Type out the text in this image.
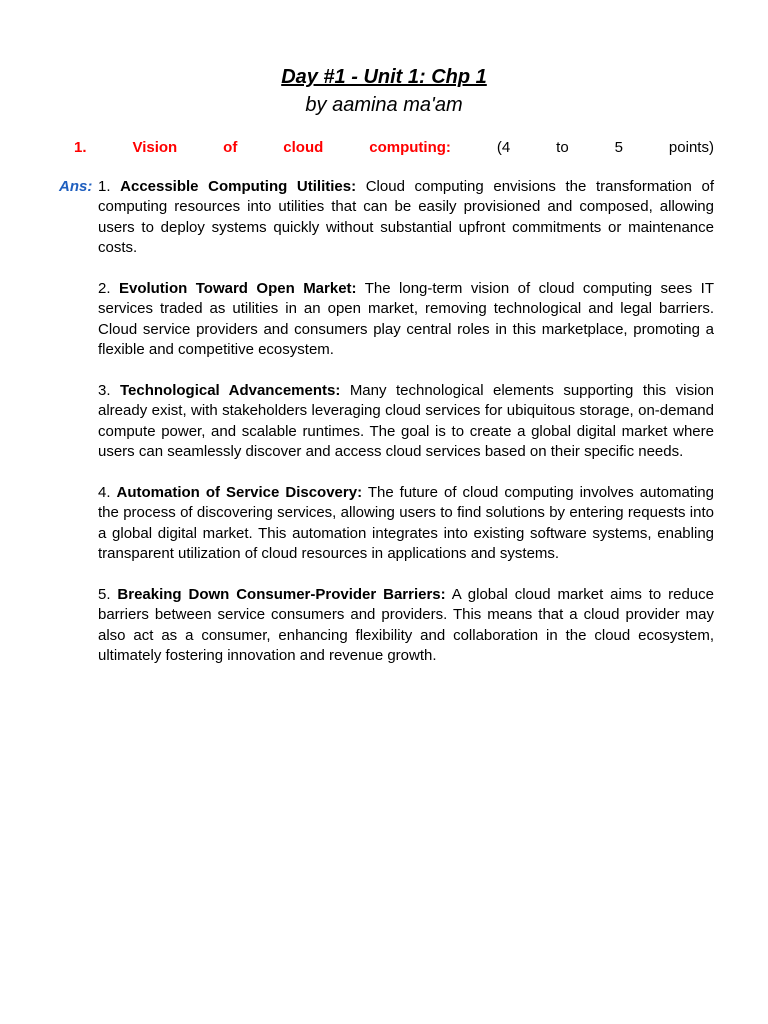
Day #1 - Unit 1: Chp 1
by aamina ma'am
1.	Vision	of	cloud	computing:	(4	to	5	points)
Ans: 1. Accessible Computing Utilities: Cloud computing envisions the transformation of computing resources into utilities that can be easily provisioned and composed, allowing users to deploy systems quickly without substantial upfront commitments or maintenance costs.

2. Evolution Toward Open Market: The long-term vision of cloud computing sees IT services traded as utilities in an open market, removing technological and legal barriers. Cloud service providers and consumers play central roles in this marketplace, promoting a flexible and competitive ecosystem.

3. Technological Advancements: Many technological elements supporting this vision already exist, with stakeholders leveraging cloud services for ubiquitous storage, on-demand compute power, and scalable runtimes. The goal is to create a global digital market where users can seamlessly discover and access cloud services based on their specific needs.

4. Automation of Service Discovery: The future of cloud computing involves automating the process of discovering services, allowing users to find solutions by entering requests into a global digital market. This automation integrates into existing software systems, enabling transparent utilization of cloud resources in applications and systems.

5. Breaking Down Consumer-Provider Barriers: A global cloud market aims to reduce barriers between service consumers and providers. This means that a cloud provider may also act as a consumer, enhancing flexibility and collaboration in the cloud ecosystem, ultimately fostering innovation and revenue growth.
